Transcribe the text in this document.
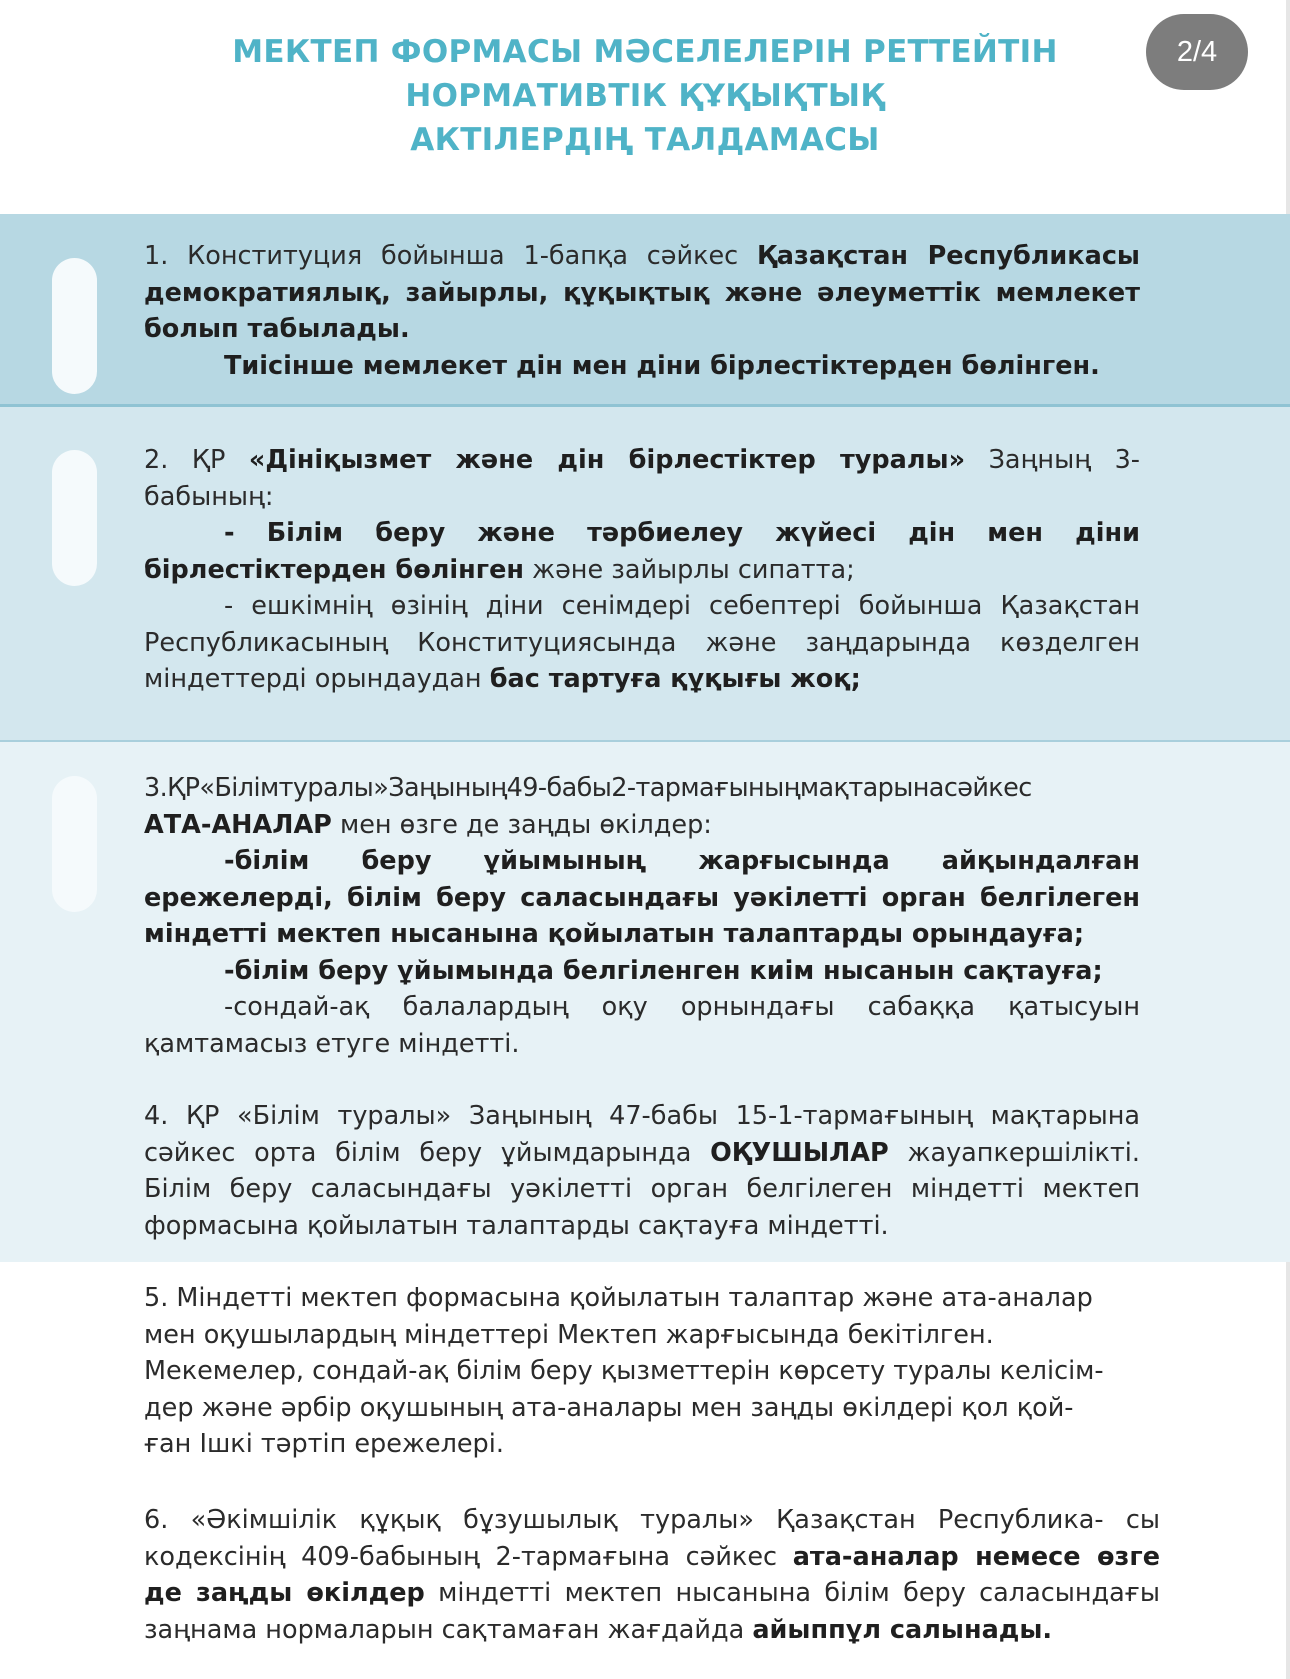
МЕКТЕП ФОРМАСЫ МӘСЕЛЕЛЕРІН РЕТТЕЙТІН
НОРМАТИВТІК ҚҰҚЫҚТЫҚ
АКТІЛЕРДІҢ ТАЛДАМАСЫ
2/4
1. Конституция бойынша 1-бапқа сәйкес Қазақстан Республикасы демократиялық, зайырлы, құқықтық және әлеуметтік мемлекет болып табылады.
Тиісінше мемлекет дін мен діни бірлестіктерден бөлінген.
2. ҚР «Дініқызмет және дін бірлестіктер туралы» Заңның 3-бабының:
- Білім беру және тәрбиелеу жүйесі дін мен діни бірлестіктерден бөлінген және зайырлы сипатта;
- ешкімнің өзінің діни сенімдері себептері бойынша Қазақстан Республикасының Конституциясында және заңдарында көзделген міндеттерді орындаудан бас тартуға құқығы жоқ;
3.ҚР«Білімтуралы»Заңының49-бабы2-тармағыныңмақтарынасәйкес
АТА-АНАЛАР мен өзге де заңды өкілдер:
-білім беру ұйымының жарғысында айқындалған ережелерді, білім беру саласындағы уәкілетті орган белгілеген міндетті мектеп нысанына қойылатын талаптарды орындауға;
-білім беру ұйымында белгіленген киім нысанын сақтауға;
-сондай-ақ балалардың оқу орнындағы сабаққа қатысуын қамтамасыз етуге міндетті.
4. ҚР «Білім туралы» Заңының 47-бабы 15-1-тармағының мақтарына сәйкес орта білім беру ұйымдарында ОҚУШЫЛАР жауапкершілікті. Білім беру саласындағы уәкілетті орган белгілеген міндетті мектеп формасына қойылатын талаптарды сақтауға міндетті.
5. Міндетті мектеп формасына қойылатын талаптар және ата-аналар
мен оқушылардың міндеттері Мектеп жарғысында бекітілген.
Мекемелер, сондай-ақ білім беру қызметтерін көрсету туралы келісім-
дер және әрбір оқушының ата-аналары мен заңды өкілдері қол қой-
ған Ішкі тәртіп ережелері.
6. «Әкімшілік құқық бұзушылық туралы» Қазақстан Республика- сы кодексінің 409-бабының 2-тармағына сәйкес ата-аналар немесе өзге де заңды өкілдер міндетті мектеп нысанына білім беру саласындағы заңнама нормаларын сақтамаған жағдайда айыппұл салынады.
